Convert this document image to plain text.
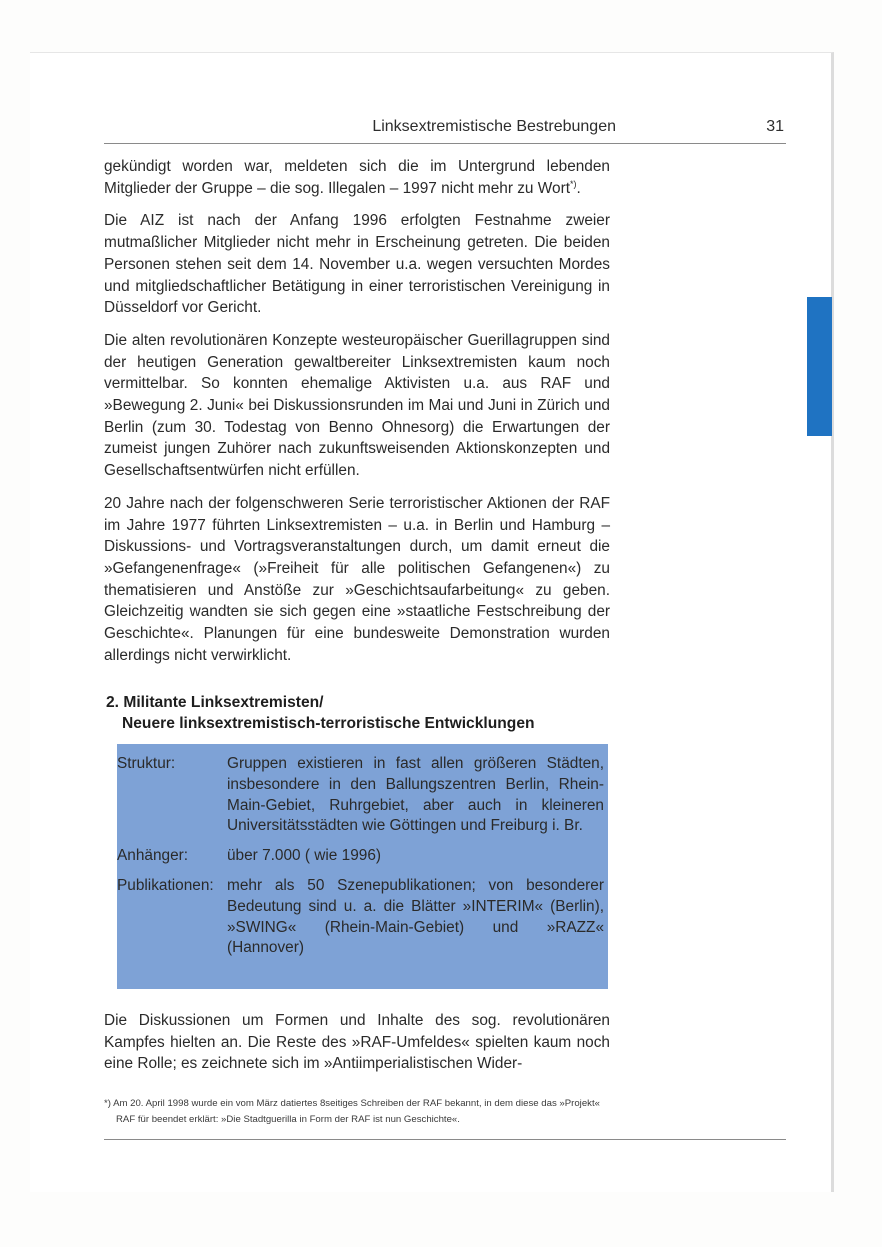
Linksextremistische Bestrebungen	31

gekündigt worden war, meldeten sich die im Untergrund lebenden Mitglieder der Gruppe – die sog. Illegalen – 1997 nicht mehr zu Wort*).

Die AIZ ist nach der Anfang 1996 erfolgten Festnahme zweier mutmaßlicher Mitglieder nicht mehr in Erscheinung getreten. Die beiden Personen stehen seit dem 14. November u.a. wegen versuchten Mordes und mitgliedschaftlicher Betätigung in einer terroristischen Vereinigung in Düsseldorf vor Gericht.

Die alten revolutionären Konzepte westeuropäischer Guerillagruppen sind der heutigen Generation gewaltbereiter Linksextremisten kaum noch vermittelbar. So konnten ehemalige Aktivisten u.a. aus RAF und »Bewegung 2. Juni« bei Diskussionsrunden im Mai und Juni in Zürich und Berlin (zum 30. Todestag von Benno Ohnesorg) die Erwartungen der zumeist jungen Zuhörer nach zukunftsweisenden Aktionskonzepten und Gesellschaftsentwürfen nicht erfüllen.

20 Jahre nach der folgenschweren Serie terroristischer Aktionen der RAF im Jahre 1977 führten Linksextremisten – u.a. in Berlin und Hamburg – Diskussions- und Vortragsveranstaltungen durch, um damit erneut die »Gefangenenfrage« (»Freiheit für alle politischen Gefangenen«) zu thematisieren und Anstöße zur »Geschichtsaufarbeitung« zu geben. Gleichzeitig wandten sie sich gegen eine »staatliche Festschreibung der Geschichte«. Planungen für eine bundesweite Demonstration wurden allerdings nicht verwirklicht.

2. Militante Linksextremisten/
Neuere linksextremistisch-terroristische Entwicklungen
Struktur:	Gruppen existieren in fast allen größeren Städten, insbesondere in den Ballungszentren Berlin, Rhein-Main-Gebiet, Ruhrgebiet, aber auch in kleineren Universitätsstädten wie Göttingen und Freiburg i. Br.
Anhänger:	über 7.000 ( wie 1996)
Publikationen: mehr als 50 Szenepublikationen; von besonderer Bedeutung sind u. a. die Blätter »INTERIM« (Berlin), »SWING« (Rhein-Main-Gebiet) und »RAZZ« (Hannover)

Die Diskussionen um Formen und Inhalte des sog. revolutionären Kampfes hielten an. Die Reste des »RAF-Umfeldes« spielten kaum noch eine Rolle; es zeichnete sich im »Antiimperialistischen Wider-

*) Am 20. April 1998 wurde ein vom März datiertes 8seitiges Schreiben der RAF bekannt, in dem diese das »Projekt« RAF für beendet erklärt: »Die Stadtguerilla in Form der RAF ist nun Geschichte«.
